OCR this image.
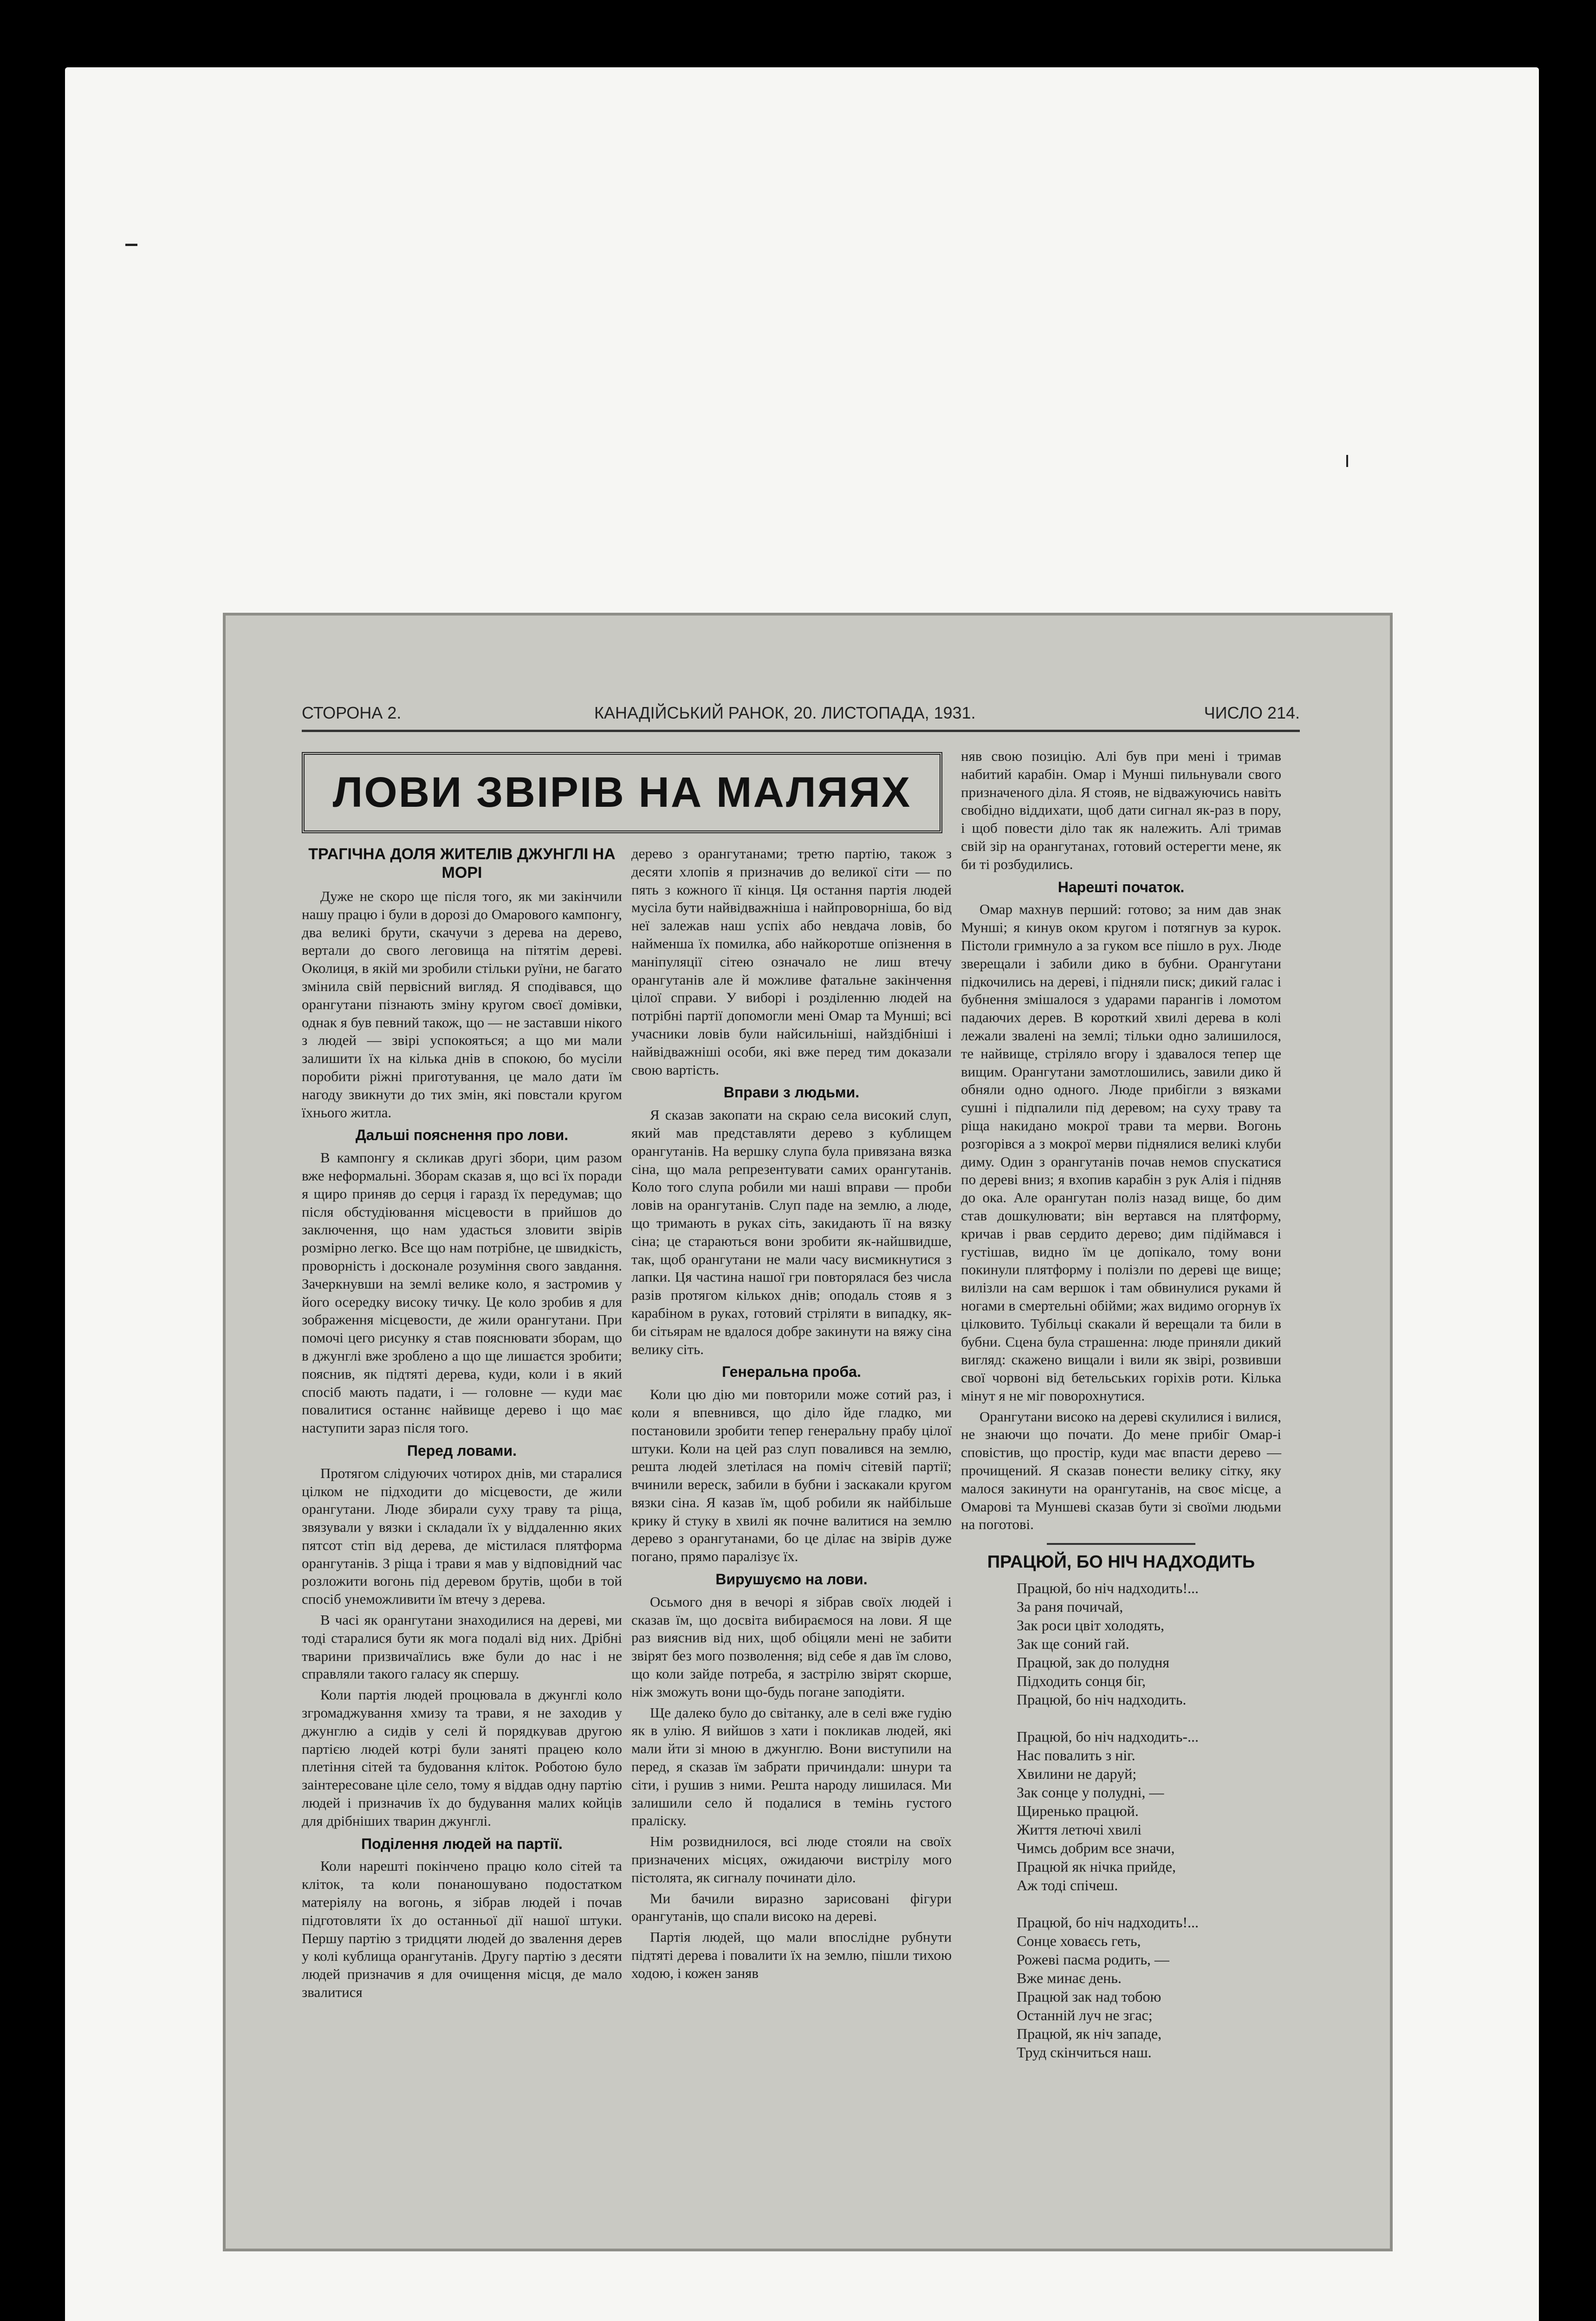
СТОРОНА 2.	КАНАДІЙСЬКИЙ РАНОК, 20. ЛИСТОПАДА, 1931.	ЧИСЛО 214.
ЛОВИ ЗВІРІВ НА МАЛЯЯХ
ТРАГІЧНА ДОЛЯ ЖИТЕЛІВ ДЖУНГЛІ НА МОРІ

Дуже не скоро ще після того, як ми закінчили нашу працю і були в дорозі до Омарового кампонгу, два великі брути, скачучи з дерева на дерево, вертали до свого леговища на пітятім дереві. Околиця, в якій ми зробили стільки руїни, не багато змінила свій первісний вигляд. Я сподівався, що орангутани пізнають зміну кругом своєї домівки, однак я був певний також, що — не заставши нікого з людей — звірі успокояться; а що ми мали залишити їх на кілька днів в спокою, бо мусіли поробити ріжні приготування, це мало дати їм нагоду звикнути до тих змін, які повстали кругом їхнього житла.

Дальші пояснення про лови.

В кампонгу я скликав другі збори, цим разом вже неформальні. Зборам сказав я, що всі їх поради я щиро приняв до серця і гаразд їх передумав; що після обстудіювання місцевости в прийшов до заключення, що нам удасться зловити звірів розмірно легко. Все що нам потрібне, це швидкість, проворність і досконале розуміння свого завдання. Зачеркнувши на землі велике коло, я застромив у його осередку високу тичку. Це коло зробив я для зображення місцевости, де жили орангутани. При помочі цего рисунку я став пояснювати зборам, що в джунглі вже зроблено а що ще лишаєтся зробити; пояснив, як підтяті дерева, куди, коли і в який спосіб мають падати, і — головне — куди має повалитися останнє найвище дерево і що має наступити зараз після того.

Перед ловами.

Протягом слідуючих чотирох днів, ми старалися цілком не підходити до місцевости, де жили орангутани. Люде збирали суху траву та ріща, звязували у вязки і складали їх у віддаленню яких пятсот стіп від дерева, де містилася плятформа орангутанів. З ріща і трави я мав у відповідний час розложити вогонь під деревом брутів, щоби в той спосіб унеможливити їм втечу з дерева.

В часі як орангутани знаходилися на дереві, ми тоді старалися бути як мога подалі від них. Дрібні тварини призвичаїлись вже були до нас і не справляли такого галасу як спершу.

Коли партія людей процювала в джунглі коло згромаджування хмизу та трави, я не заходив у джунглю а сидів у селі й порядкував другою партією людей котрі були заняті працею коло плетіння сітей та будовання кліток. Роботою було заінтересоване ціле село, тому я віддав одну партію людей і призначив їх до будування малих койців для дрібніших тварин джунглі.

Поділення людей на партії.

Коли нарешті покінчено працю коло сітей та кліток, та коли понаношувано подостатком матеріялу на вогонь, я зібрав людей і почав підготовляти їх до останньої дії нашої штуки. Першу партію з тридцяти людей до звалення дерев у колі кублища орангутанів. Другу партію з десяти людей призначив я для очищення місця, де мало звалитися

дерево з орангутанами; третю партію, також з десяти хлопів я призначив до великої сіти — по пять з кожного її кінця. Ця остання партія людей мусіла бути найвідважніша і найпроворніша, бо від неї залежав наш успіх або невдача ловів, бо найменша їх помилка, або найкоротше опізнення в маніпуляції сітею означало не лиш втечу орангутанів але й можливе фатальне закінчення цілої справи. У виборі і розділенню людей на потрібні партії допомогли мені Омар та Мунші; всі учасники ловів були найсильніші, найздібніші і найвідважніші особи, які вже перед тим доказали свою вартість.

Вправи з людьми.

Я сказав закопати на скраю села високий слуп, який мав представляти дерево з кублищем орангутанів. На вершку слупа була привязана вязка сіна, що мала репрезентувати самих орангутанів. Коло того слупа робили ми наші вправи — проби ловів на орангутанів. Слуп паде на землю, а люде, що тримають в руках сіть, закидають її на вязку сіна; це стараються вони зробити як-найшвидше, так, щоб орангутани не мали часу висмикнутися з лапки. Ця частина нашої гри повторялася без числа разів протягом кількох днів; оподаль стояв я з карабіном в руках, готовий стріляти в випадку, як-би сітьярам не вдалося добре закинути на вяжу сіна велику сіть.

Генеральна проба.

Коли цю дію ми повторили може сотий раз, і коли я впевнився, що діло йде гладко, ми постановили зробити тепер генеральну прабу цілої штуки. Коли на цей раз слуп повалився на землю, решта людей злетілася на поміч сітевій партії; вчинили вереск, забили в бубни і заскакали кругом вязки сіна. Я казав їм, щоб робили як найбільше крику й стуку в хвилі як почне валитися на землю дерево з орангутанами, бо це ділає на звірів дуже погано, прямо паралізує їх.

Вирушуємо на лови.

Осьмого дня в вечорі я зібрав своїх людей і сказав їм, що досвіта вибираємося на лови. Я ще раз вияснив від них, щоб обіцяли мені не забити звірят без мого позволення; від себе я дав їм слово, що коли зайде потреба, я застрілю звірят скорше, ніж зможуть вони що-будь погане заподіяти.

Ще далеко було до світанку, але в селі вже гудію як в улію. Я вийшов з хати і покликав людей, які мали йти зі мною в джунглю. Вони виступили на перед, я сказав їм забрати причиндали: шнури та сіти, і рушив з ними. Решта народу лишилася. Ми залишили село й подалися в темінь густого праліску.

Нім розвиднилося, всі люде стояли на своїх призначених місцях, ожидаючи вистрілу мого пістолята, як сигналу починати діло.

Ми бачили виразно зарисовані фігури орангутанів, що спали високо на дереві.

Партія людей, що мали впослідне рубнути підтяті дерева і повалити їх на землю, пішли тихою ходою, і кожен заняв

няв свою позицію. Алі був при мені і тримав набитий карабін. Омар і Муншi пильнували свого призначеного діла. Я стояв, не відважуючись навіть свобідно віддихати, щоб дати сигнал як-раз в пору, і щоб повести діло так як належить. Алі тримав свій зір на орангутанах, готовий остерегти мене, як би ті розбудились.

Нарешті початок.

Омар махнув перший: готово; за ним дав знак Муншi; я кинув оком кругом і потягнув за курок. Пістоли гримнуло а за гуком все пішло в рух. Люде зверещали і забили дико в бубни. Орангутани підкочились на дереві, і підняли писк; дикий галас і бубнення змішалося з ударами парангів і ломотом падаючих дерев. В короткий хвилі дерева в колі лежали звалені на землі; тільки одно залишилося, те найвище, стріляло вгору і здавалося тепер ще вищим. Орангутани замотлошились, завили дико й обняли одно одного. Люде прибігли з вязками сушні і підпалили під деревом; на суху траву та ріща накидано мокрої трави та мерви. Вогонь розгорівся а з мокрої мерви піднялися великі клуби диму. Один з орангутанів почав немов спускатися по дереві вниз; я вхопив карабін з рук Алія і підняв до ока. Але орангутан поліз назад вище, бо дим став дошкулювати; він вертався на плятформу, кричав і рвав сердито дерево; дим підіймався і густішав, видно їм це допікало, тому вони покинули плятформу і полізли по дереві ще вище; вилізли на сам вершок і там обвинулися руками й ногами в смертельні обійми; жах видимо огорнув їх цілковито. Тубільці скакали й верещали та били в бубни. Сцена була страшенна: люде приняли дикий вигляд: скажено вищали і вили як звірі, розвивши свої чорвоні від бетельських горіхів роти. Кілька мінут я не мiг поворохнутися.

Орангутани високо на дереві скулилися і вилися, не знаючи що почати. До мене прибіг Омар-і сповістив, що простір, куди має впасти дерево — прочищений. Я сказав понести велику сітку, яку малося закинути на орангутанів, на своє місце, а Омарові та Муншеві сказав бути зі своїми людьми на поготові.

ПРАЦЮЙ, БО НІЧ НАДХОДИТЬ
Працюй, бо ніч надходить!...
За раня почичай,
Зак роси цвіт холодять,
Зак ще соний гай.
Працюй, зак до полудня
Підходить сонця біг,
Працюй, бо ніч надходить.
Працюй, бо ніч надходить-...
Нас повалить з ніг.
Хвилини не даруй;
Зак сонце у полудні, —
Щиренько працюй.
Життя летючі хвилі
Чимсь добрим все значи,
Працюй як нічка прийде,
Аж тоді спічеш.
Працюй, бо ніч надходить!...
Сонце ховаєсь геть,
Рожеві пасма родить, —
Вже минає день.
Працюй зак над тобою
Останній луч не згас;
Працюй, як ніч западе,
Труд скінчиться наш.
